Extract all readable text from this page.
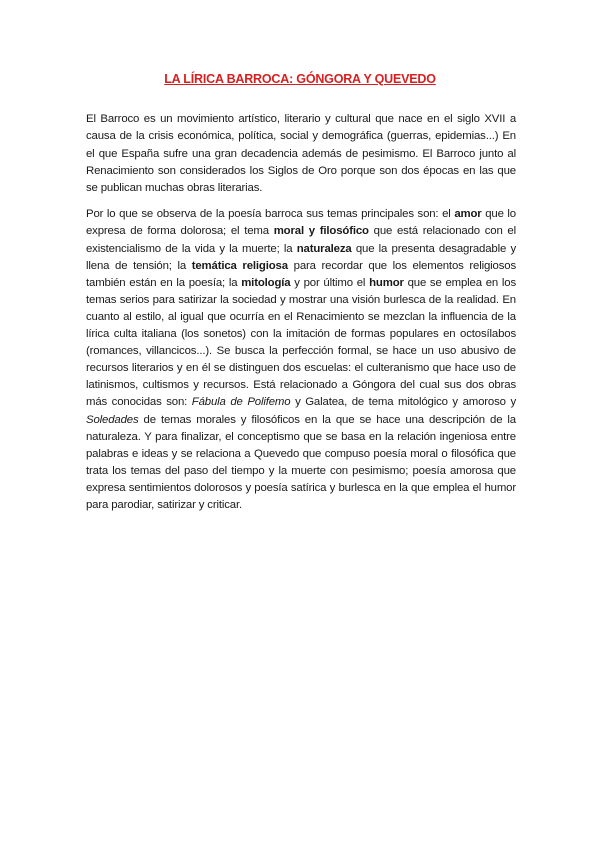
LA LÍRICA BARROCA: GÓNGORA Y QUEVEDO

El Barroco es un movimiento artístico, literario y cultural que nace en el siglo XVII a causa de la crisis económica, política, social y demográfica (guerras, epidemias...) En el que España sufre una gran decadencia además de pesimismo. El Barroco junto al Renacimiento son considerados los Siglos de Oro porque son dos épocas en las que se publican muchas obras literarias.

Por lo que se observa de la poesía barroca sus temas principales son: el amor que lo expresa de forma dolorosa; el tema moral y filosófico que está relacionado con el existencialismo de la vida y la muerte; la naturaleza que la presenta desagradable y llena de tensión; la temática religiosa para recordar que los elementos religiosos también están en la poesía; la mitología y por último el humor que se emplea en los temas serios para satirizar la sociedad y mostrar una visión burlesca de la realidad. En cuanto al estilo, al igual que ocurría en el Renacimiento se mezclan la influencia de la lírica culta italiana (los sonetos) con la imitación de formas populares en octosílabos (romances, villancicos...). Se busca la perfección formal, se hace un uso abusivo de recursos literarios y en él se distinguen dos escuelas: el culteranismo que hace uso de latinismos, cultismos y recursos. Está relacionado a Góngora del cual sus dos obras más conocidas son: Fábula de Polifemo y Galatea, de tema mitológico y amoroso y Soledades de temas morales y filosóficos en la que se hace una descripción de la naturaleza. Y para finalizar, el conceptismo que se basa en la relación ingeniosa entre palabras e ideas y se relaciona a Quevedo que compuso poesía moral o filosófica que trata los temas del paso del tiempo y la muerte con pesimismo; poesía amorosa que expresa sentimientos dolorosos y poesía satírica y burlesca en la que emplea el humor para parodiar, satirizar y criticar.
